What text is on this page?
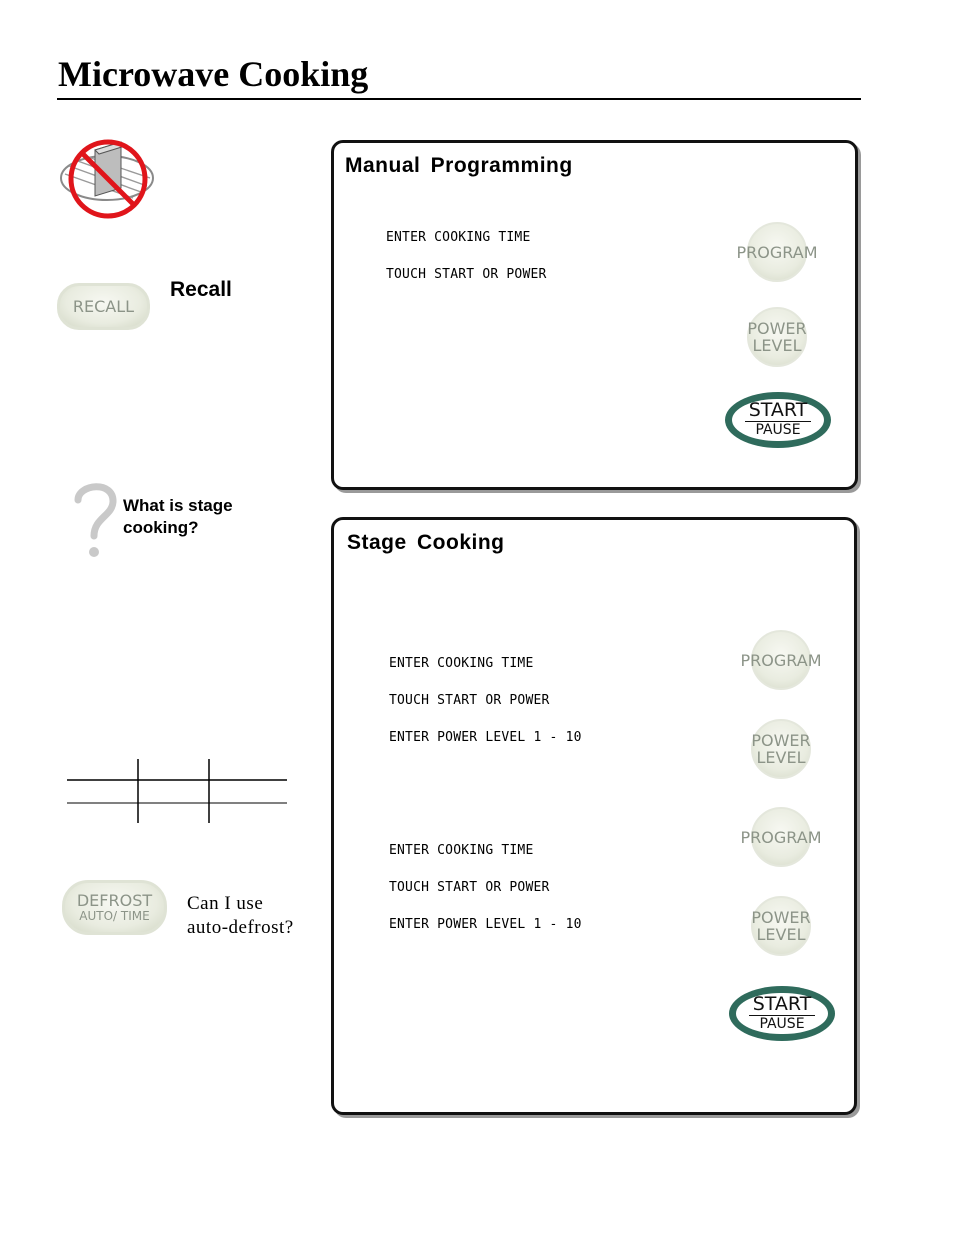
Microwave Cooking
RECALL
Recall
What is stage
cooking?
DEFROST
AUTO/ TIME
Can I use
auto-defrost?
Manual Programming
ENTER COOKING TIME
TOUCH START OR POWER
PROGRAM
POWER
LEVEL
START
PAUSE
Stage Cooking
ENTER COOKING TIME
TOUCH START OR POWER
ENTER POWER LEVEL 1 - 10
PROGRAM
POWER
LEVEL
ENTER COOKING TIME
TOUCH START OR POWER
ENTER POWER LEVEL 1 - 10
PROGRAM
POWER
LEVEL
START
PAUSE
